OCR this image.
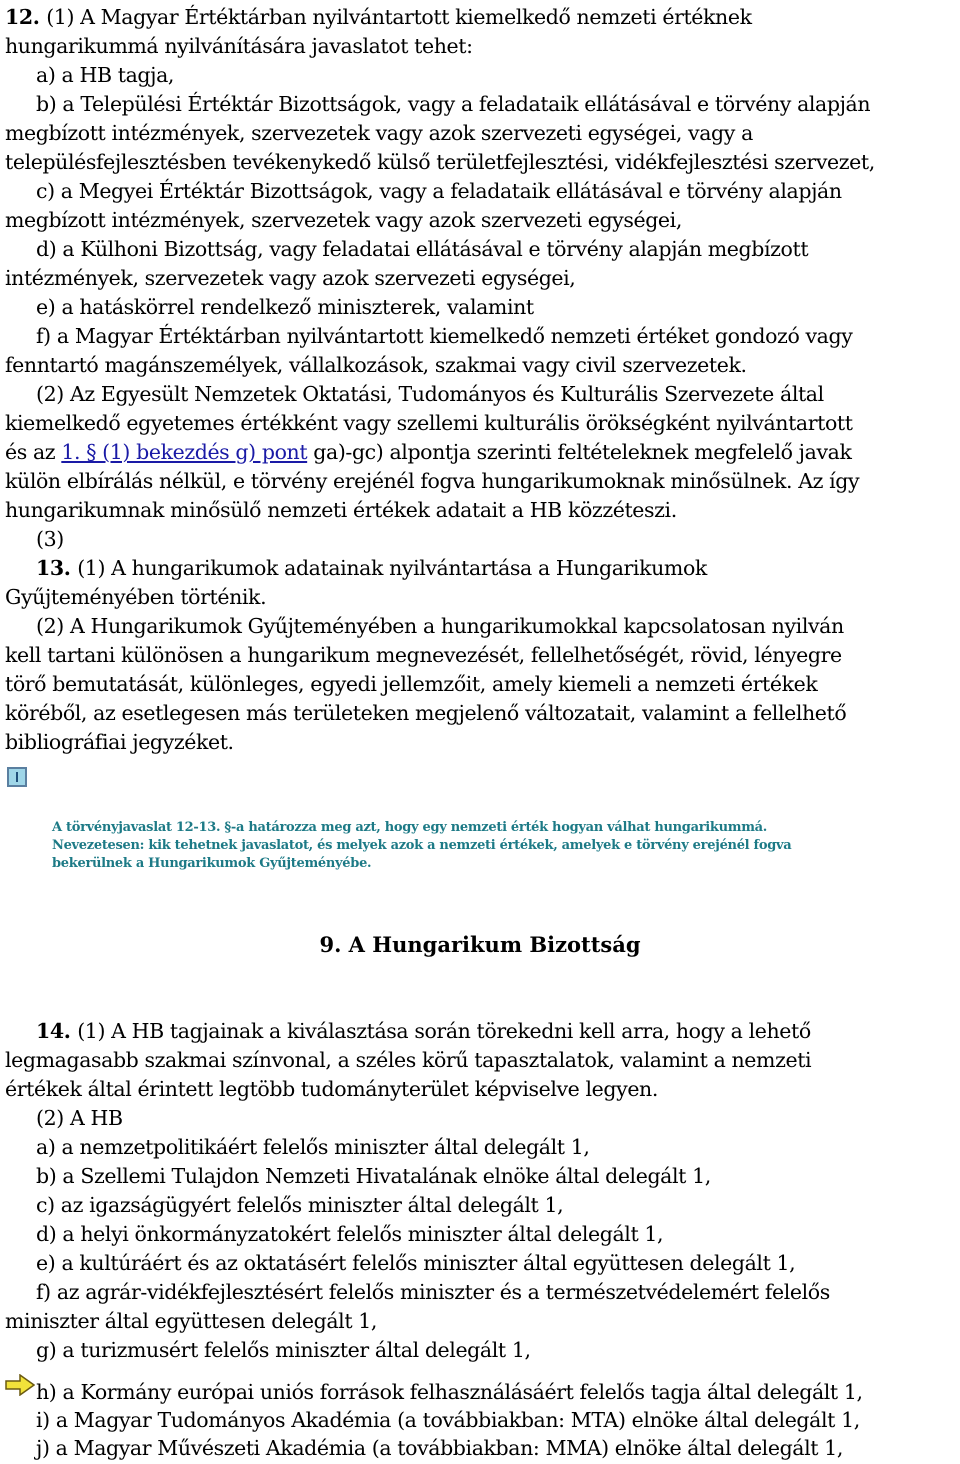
12. (1) A Magyar Értéktárban nyilvántartott kiemelkedő nemzeti értéknek
hungarikummá nyilvánítására javaslatot tehet:
a) a HB tagja,
b) a Települési Értéktár Bizottságok, vagy a feladataik ellátásával e törvény alapján
megbízott intézmények, szervezetek vagy azok szervezeti egységei, vagy a
településfejlesztésben tevékenykedő külső területfejlesztési, vidékfejlesztési szervezet,
c) a Megyei Értéktár Bizottságok, vagy a feladataik ellátásával e törvény alapján
megbízott intézmények, szervezetek vagy azok szervezeti egységei,
d) a Külhoni Bizottság, vagy feladatai ellátásával e törvény alapján megbízott
intézmények, szervezetek vagy azok szervezeti egységei,
e) a hatáskörrel rendelkező miniszterek, valamint
f) a Magyar Értéktárban nyilvántartott kiemelkedő nemzeti értéket gondozó vagy
fenntartó magánszemélyek, vállalkozások, szakmai vagy civil szervezetek.
(2) Az Egyesült Nemzetek Oktatási, Tudományos és Kulturális Szervezete által
kiemelkedő egyetemes értékként vagy szellemi kulturális örökségként nyilvántartott
és az 1. § (1) bekezdés g) pont ga)-gc) alpontja szerinti feltételeknek megfelelő javak
külön elbírálás nélkül, e törvény erejénél fogva hungarikumoknak minősülnek. Az így
hungarikumnak minősülő nemzeti értékek adatait a HB közzéteszi.
(3)
13. (1) A hungarikumok adatainak nyilvántartása a Hungarikumok
Gyűjteményében történik.
(2) A Hungarikumok Gyűjteményében a hungarikumokkal kapcsolatosan nyilván
kell tartani különösen a hungarikum megnevezését, fellelhetőségét, rövid, lényegre
törő bemutatását, különleges, egyedi jellemzőit, amely kiemeli a nemzeti értékek
köréből, az esetlegesen más területeken megjelenő változatait, valamint a fellelhető
bibliográfiai jegyzéket.
A törvényjavaslat 12-13. §-a határozza meg azt, hogy egy nemzeti érték hogyan válhat hungarikummá.
Nevezetesen: kik tehetnek javaslatot, és melyek azok a nemzeti értékek, amelyek e törvény erejénél fogva
bekerülnek a Hungarikumok Gyűjteményébe.
9. A Hungarikum Bizottság
14. (1) A HB tagjainak a kiválasztása során törekedni kell arra, hogy a lehető
legmagasabb szakmai színvonal, a széles körű tapasztalatok, valamint a nemzeti
értékek által érintett legtöbb tudományterület képviselve legyen.
(2) A HB
a) a nemzetpolitikáért felelős miniszter által delegált 1,
b) a Szellemi Tulajdon Nemzeti Hivatalának elnöke által delegált 1,
c) az igazságügyért felelős miniszter által delegált 1,
d) a helyi önkormányzatokért felelős miniszter által delegált 1,
e) a kultúráért és az oktatásért felelős miniszter által együttesen delegált 1,
f) az agrár-vidékfejlesztésért felelős miniszter és a természetvédelemért felelős
miniszter által együttesen delegált 1,
g) a turizmusért felelős miniszter által delegált 1,
h) a Kormány európai uniós források felhasználásáért felelős tagja által delegált 1,
i) a Magyar Tudományos Akadémia (a továbbiakban: MTA) elnöke által delegált 1,
j) a Magyar Művészeti Akadémia (a továbbiakban: MMA) elnöke által delegált 1,
